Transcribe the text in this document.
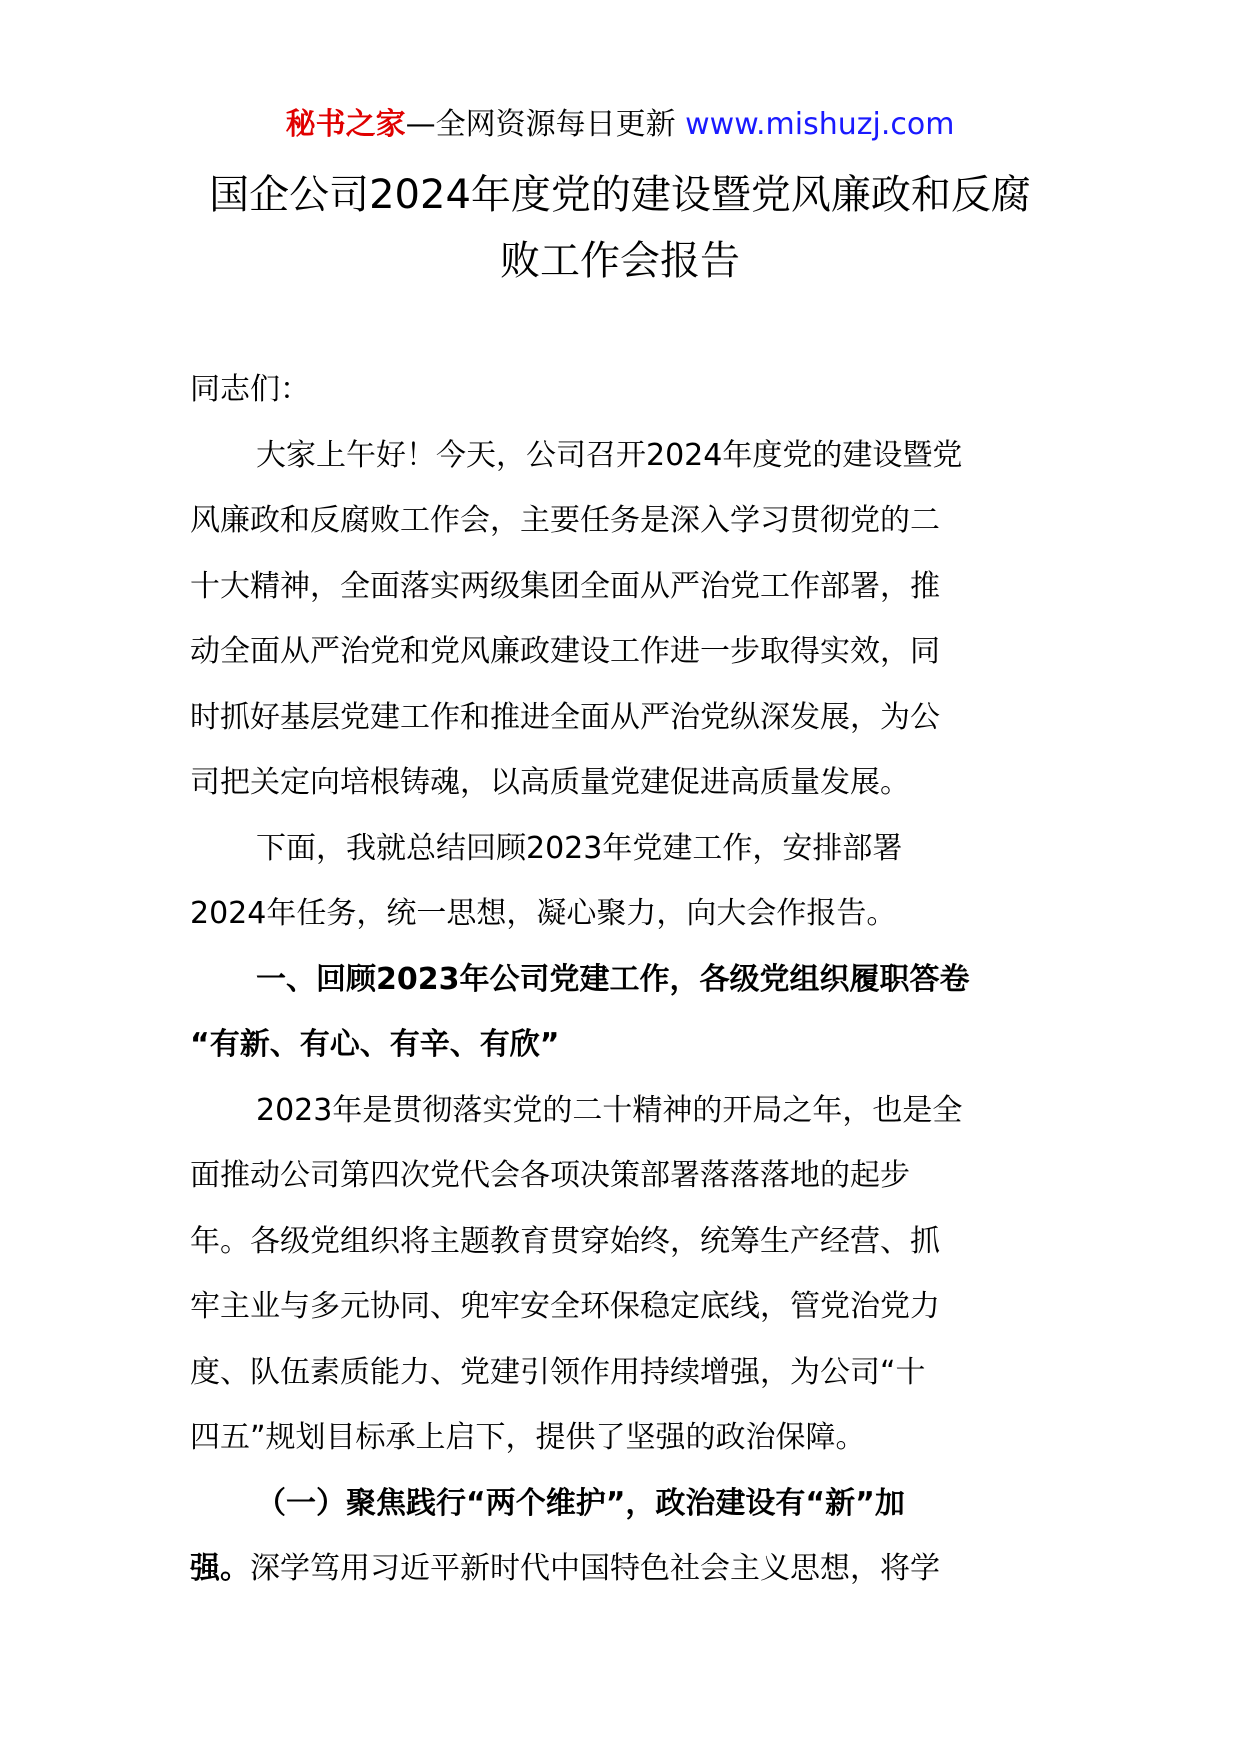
秘书之家—全网资源每日更新 www.mishuzj.com
国企公司2024年度党的建设暨党风廉政和反腐
败工作会报告

同志们：

大家上午好！今天，公司召开2024年度党的建设暨党
风廉政和反腐败工作会，主要任务是深入学习贯彻党的二
十大精神，全面落实两级集团全面从严治党工作部署，推
动全面从严治党和党风廉政建设工作进一步取得实效，同
时抓好基层党建工作和推进全面从严治党纵深发展，为公
司把关定向培根铸魂，以高质量党建促进高质量发展。

下面，我就总结回顾2023年党建工作，安排部署
2024年任务，统一思想，凝心聚力，向大会作报告。

一、回顾2023年公司党建工作，各级党组织履职答卷
“有新、有心、有辛、有欣”

2023年是贯彻落实党的二十精神的开局之年，也是全
面推动公司第四次党代会各项决策部署落落落地的起步
年。各级党组织将主题教育贯穿始终，统筹生产经营、抓
牢主业与多元协同、兜牢安全环保稳定底线，管党治党力
度、队伍素质能力、党建引领作用持续增强，为公司“十
四五”规划目标承上启下，提供了坚强的政治保障。

（一）聚焦践行“两个维护”，政治建设有“新”加
强。深学笃用习近平新时代中国特色社会主义思想，将学
